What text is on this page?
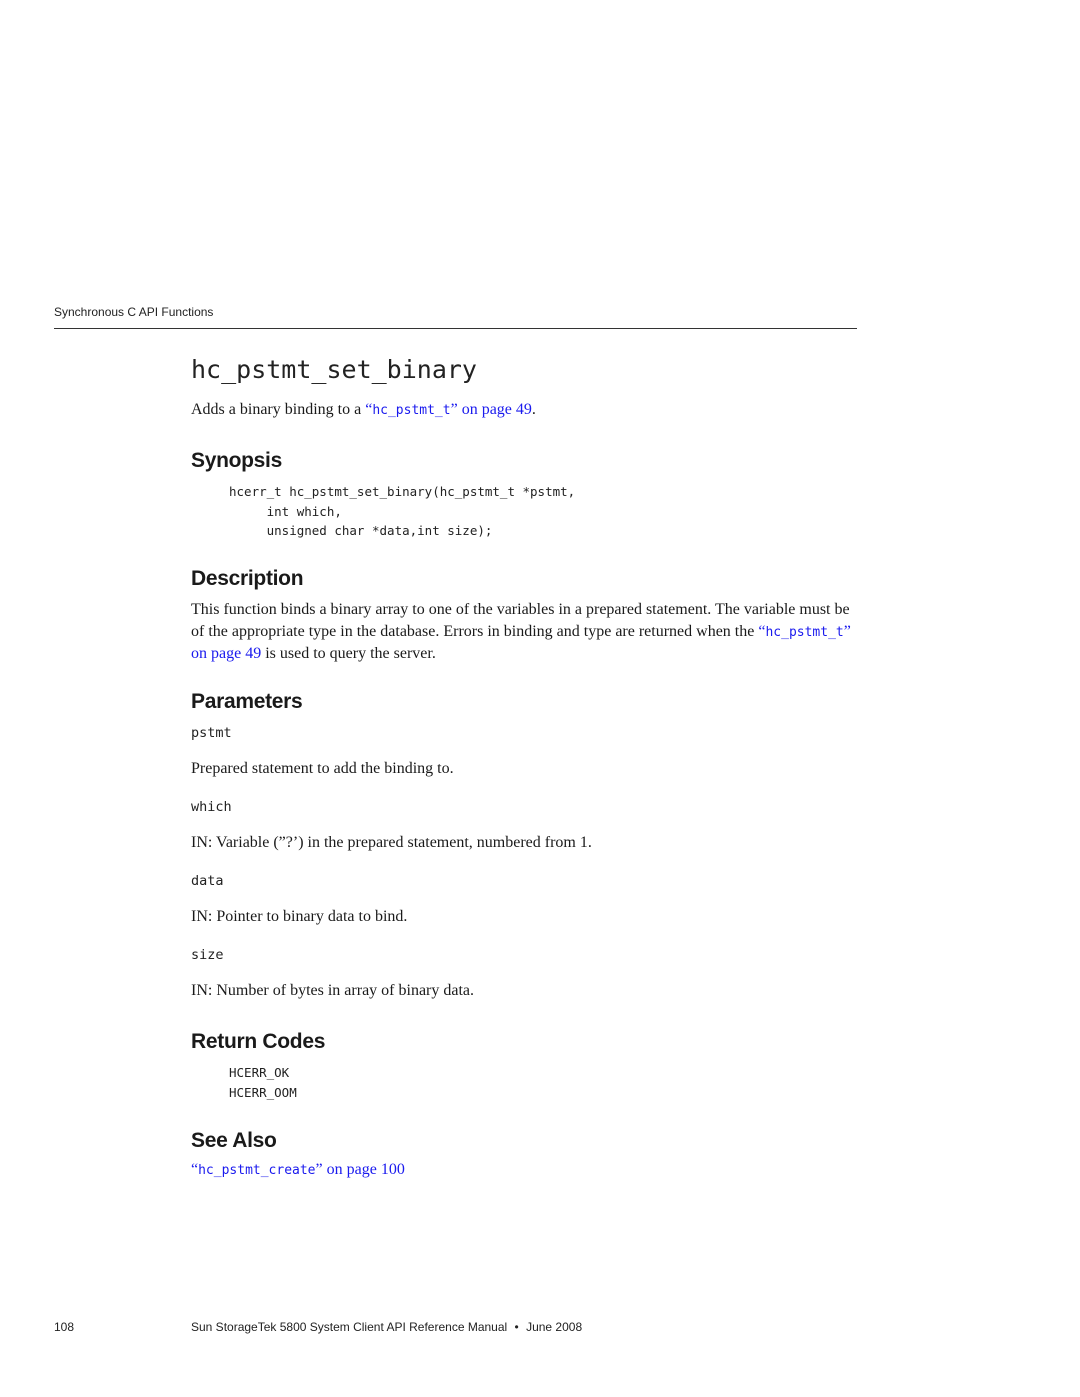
Synchronous C API Functions
hc_pstmt_set_binary
Adds a binary binding to a “hc_pstmt_t” on page 49.
Synopsis
hcerr_t hc_pstmt_set_binary(hc_pstmt_t *pstmt,
int which,
unsigned char *data,int size);
Description
This function binds a binary array to one of the variables in a prepared statement. The variable must be of the appropriate type in the database. Errors in binding and type are returned when the “hc_pstmt_t” on page 49 is used to query the server.
Parameters
pstmt
Prepared statement to add the binding to.
which
IN: Variable (”?’) in the prepared statement, numbered from 1.
data
IN: Pointer to binary data to bind.
size
IN: Number of bytes in array of binary data.
Return Codes
HCERR_OK
HCERR_OOM
See Also
“hc_pstmt_create” on page 100
108	Sun StorageTek 5800 System Client API Reference Manual • June 2008
